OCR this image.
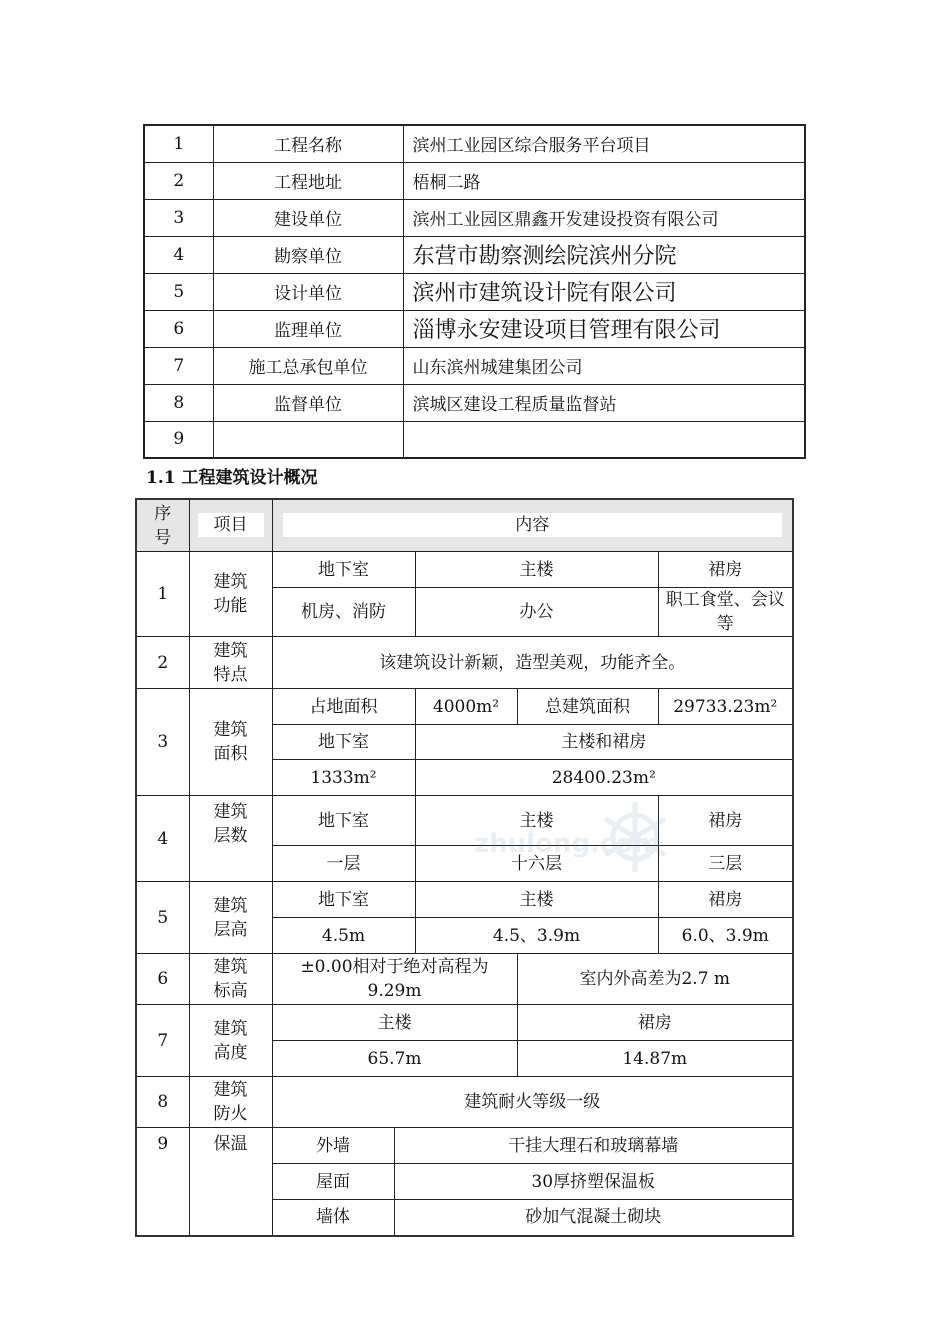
1	工程名称	滨州工业园区综合服务平台项目
2	工程地址	梧桐二路
3	建设单位	滨州工业园区鼎鑫开发建设投资有限公司
4	勘察单位	东营市勘察测绘院滨州分院
5	设计单位	滨州市建筑设计院有限公司
6	监理单位	淄博永安建设项目管理有限公司
7	施工总承包单位	山东滨州城建集团公司
8	监督单位	滨城区建设工程质量监督站
9		
1.1 工程建筑设计概况
序号	项目	内容				

1	建筑功能	地下室		主楼		裙房
		机房、消防		办公		职工食堂、会议等
2	建筑特点	该建筑设计新颖，造型美观，功能齐全。				
3	建筑面积	占地面积		4000m²	总建筑面积	29733.23m²
		地下室		主楼和裙房		
		1333m²		28400.23m²		
4	建筑层数	地下室		主楼		裙房
		一层		十六层		三层
5	建筑层高	地下室		主楼		裙房
		4.5m		4.5、3.9m		6.0、3.9m
6	建筑标高	±0.00相对于绝对高程为9.29m			室内外高差为2.7 m	
7	建筑高度	主楼			裙房	
		65.7m			14.87m	
8	建筑防火	建筑耐火等级一级				
9	保温	外墙	干挂大理石和玻璃幕墙			
		屋面	30厚挤塑保温板			
		墙体	砂加气混凝土砌块			
zhulong.com
